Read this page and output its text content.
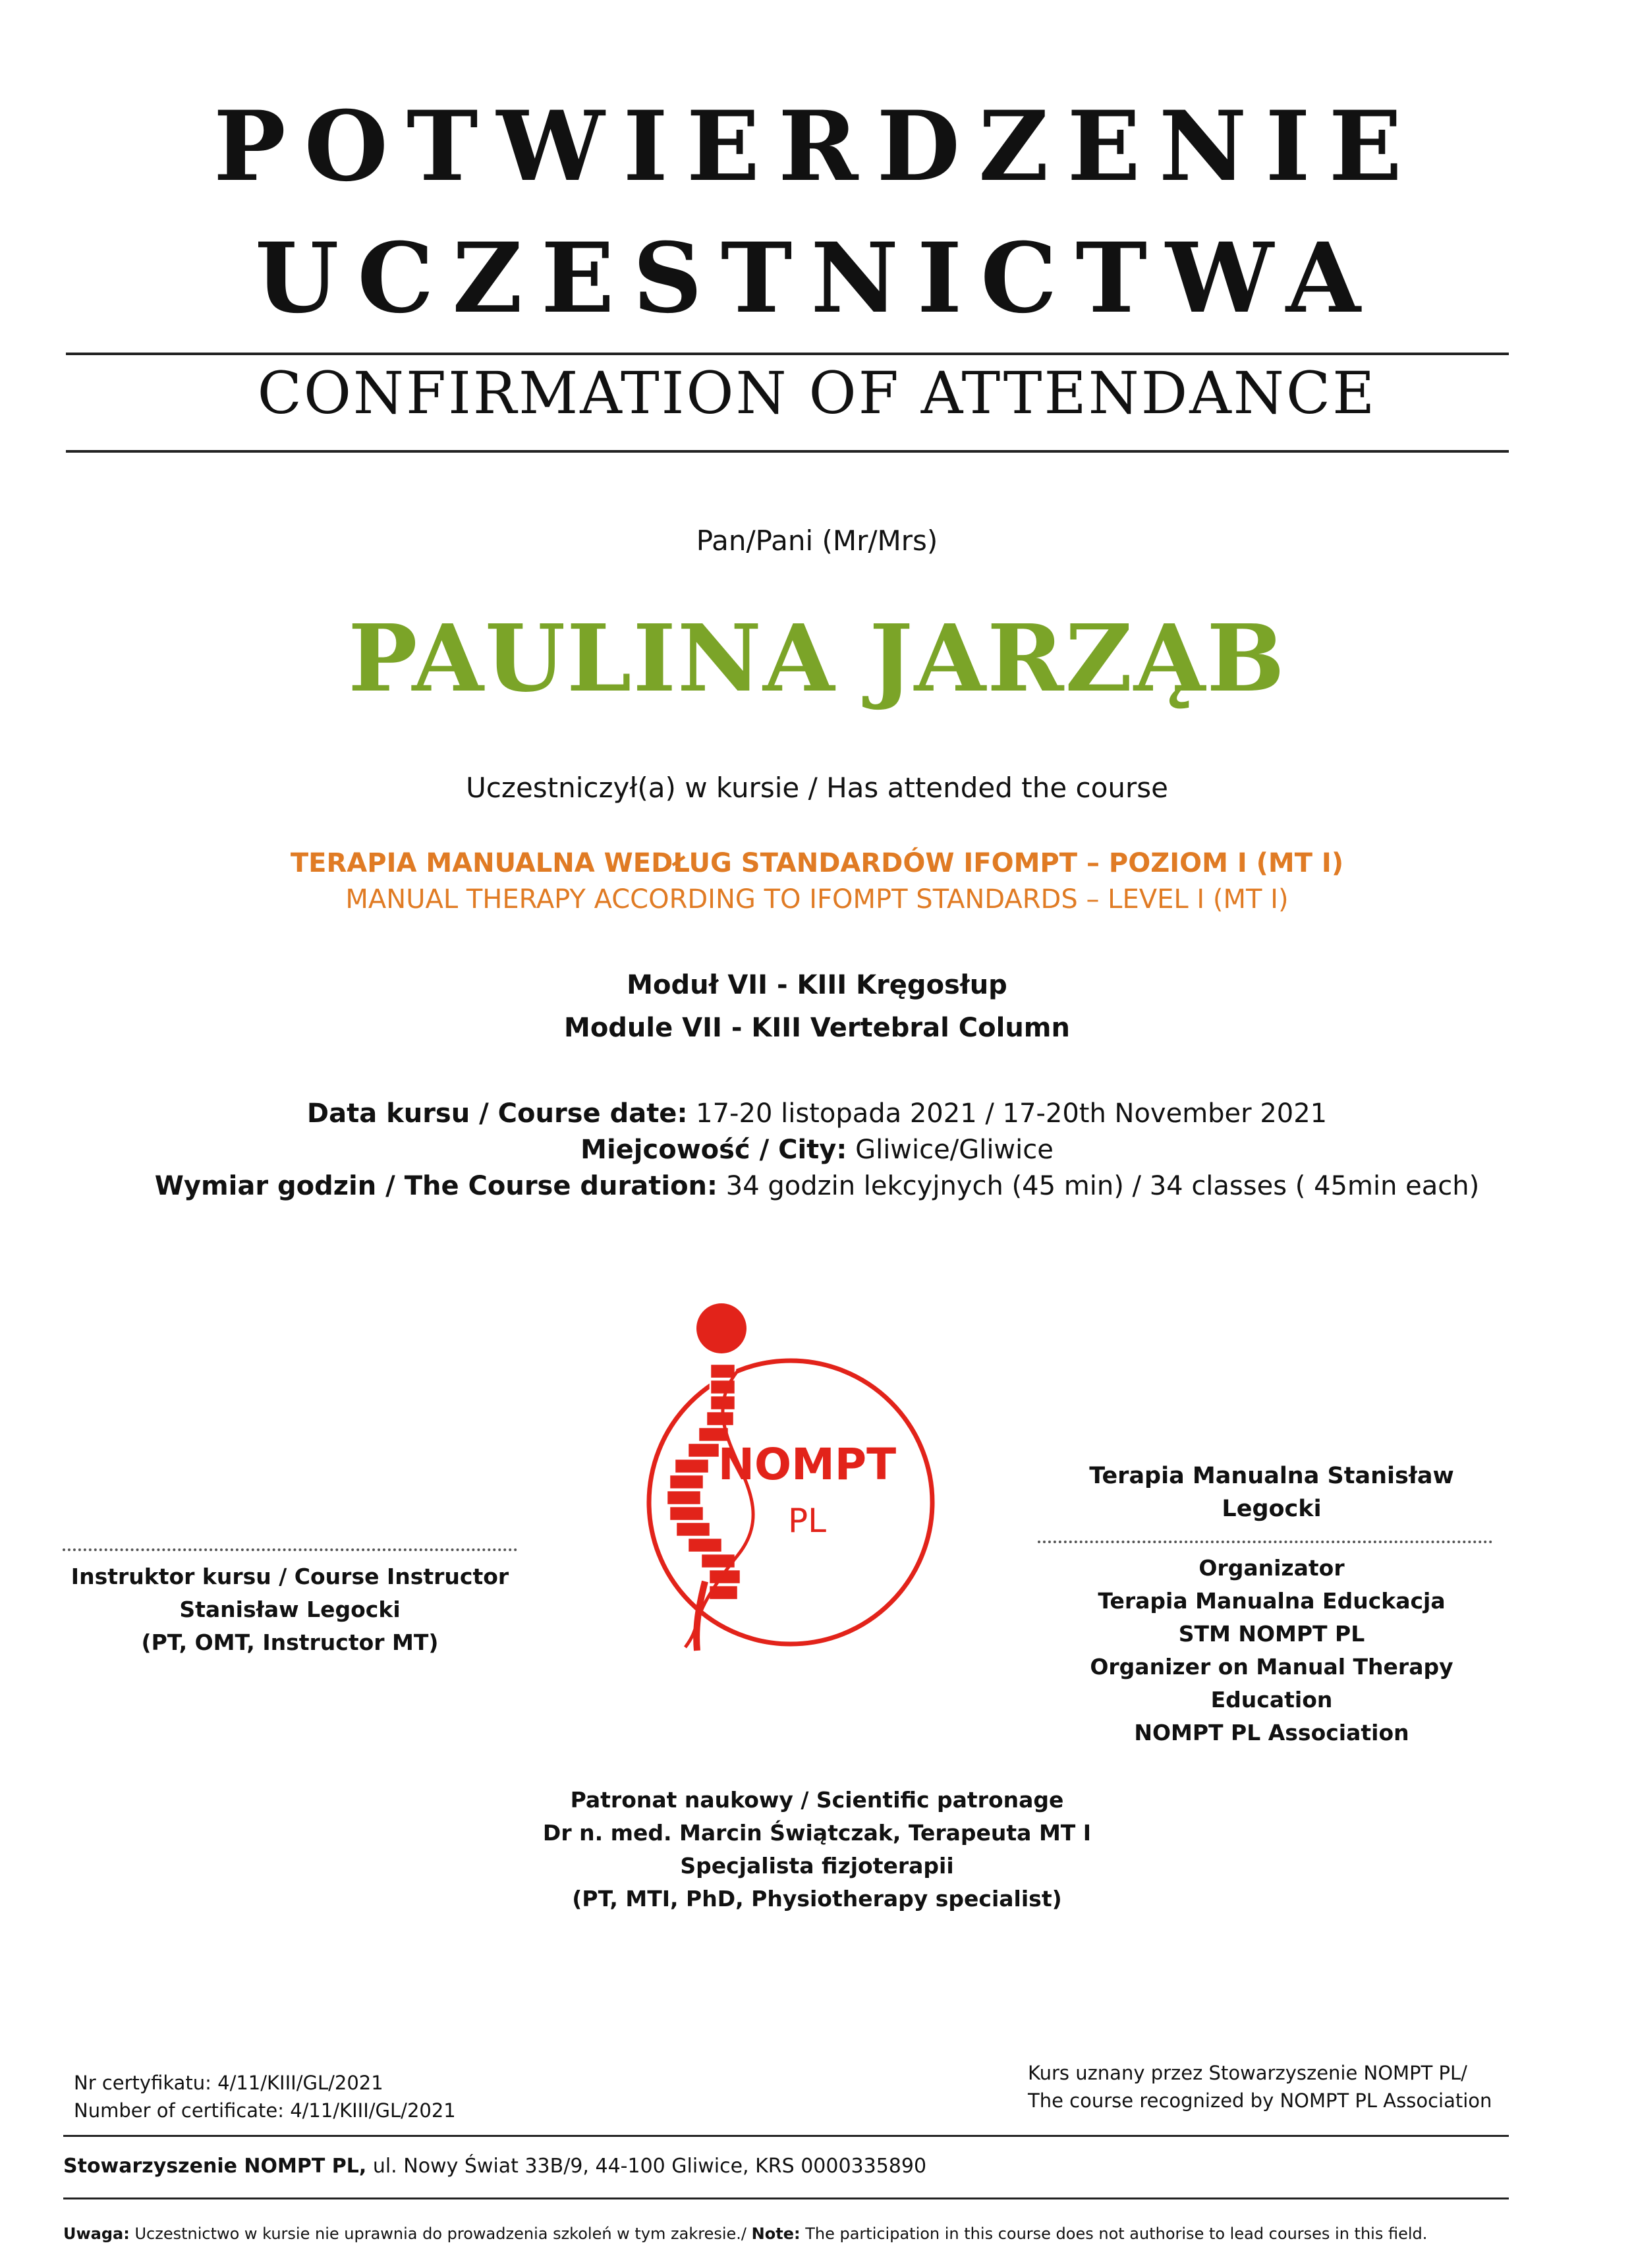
POTWIERDZENIE
UCZESTNICTWA
CONFIRMATION OF ATTENDANCE
Pan/Pani (Mr/Mrs)
PAULINA JARZĄB
Uczestniczył(a) w kursie / Has attended the course
TERAPIA MANUALNA WEDŁUG STANDARDÓW IFOMPT – POZIOM I (MT I)
MANUAL THERAPY ACCORDING TO IFOMPT STANDARDS – LEVEL I (MT I)
Moduł VII - KIII Kręgosłup
Module VII - KIII Vertebral Column
Data kursu / Course date: 17-20 listopada 2021 / 17-20th November 2021
Miejcowość / City: Gliwice/Gliwice
Wymiar godzin / The Course duration: 34 godzin lekcyjnych (45 min) / 34 classes ( 45min each)
NOMPT
PL
Instruktor kursu / Course Instructor
Stanisław Legocki
(PT, OMT, Instructor MT)
Terapia Manualna Stanisław Legocki
Organizator
Terapia Manualna Educkacja
STM NOMPT PL
Organizer on Manual Therapy Education
NOMPT PL Association
Patronat naukowy / Scientific patronage
Dr n. med. Marcin Świątczak, Terapeuta MT I
Specjalista fizjoterapii
(PT, MTI, PhD, Physiotherapy specialist)
Nr certyfikatu: 4/11/KIII/GL/2021
Number of certificate: 4/11/KIII/GL/2021
Kurs uznany przez Stowarzyszenie NOMPT PL/
The course recognized by NOMPT PL Association
Stowarzyszenie NOMPT PL, ul. Nowy Świat 33B/9, 44-100 Gliwice, KRS 0000335890
Uwaga: Uczestnictwo w kursie nie uprawnia do prowadzenia szkoleń w tym zakresie./ Note: The participation in this course does not authorise to lead courses in this field.
